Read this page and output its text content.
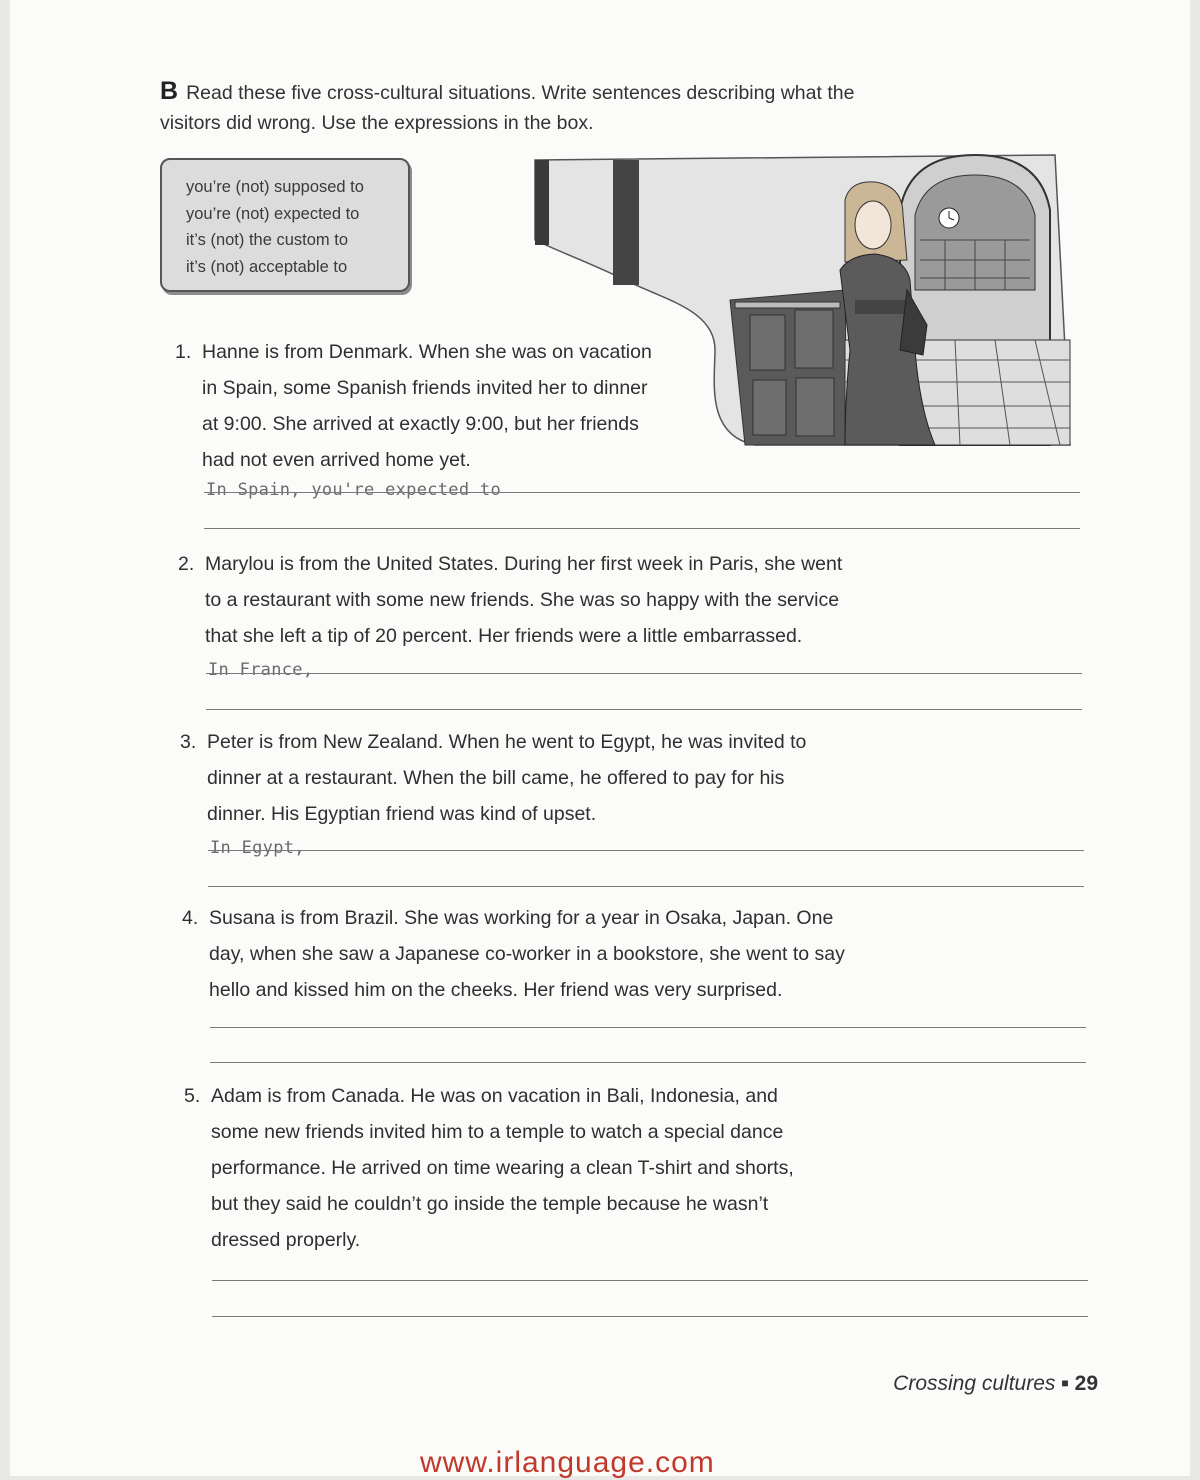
B Read these five cross-cultural situations. Write sentences describing what the visitors did wrong. Use the expressions in the box.
you’re (not) supposed to
you’re (not) expected to
it’s (not) the custom to
it’s (not) acceptable to
1. Hanne is from Denmark. When she was on vacation
in Spain, some Spanish friends invited her to dinner
at 9:00. She arrived at exactly 9:00, but her friends
had not even arrived home yet.
In Spain, you're expected to
2. Marylou is from the United States. During her first week in Paris, she went
to a restaurant with some new friends. She was so happy with the service
that she left a tip of 20 percent. Her friends were a little embarrassed.
In France,
3. Peter is from New Zealand. When he went to Egypt, he was invited to
dinner at a restaurant. When the bill came, he offered to pay for his
dinner. His Egyptian friend was kind of upset.
In Egypt,
4. Susana is from Brazil. She was working for a year in Osaka, Japan. One
day, when she saw a Japanese co-worker in a bookstore, she went to say
hello and kissed him on the cheeks. Her friend was very surprised.
5. Adam is from Canada. He was on vacation in Bali, Indonesia, and
some new friends invited him to a temple to watch a special dance
performance. He arrived on time wearing a clean T-shirt and shorts,
but they said he couldn’t go inside the temple because he wasn’t
dressed properly.
Crossing cultures ■ 29
www.irlanguage.com
